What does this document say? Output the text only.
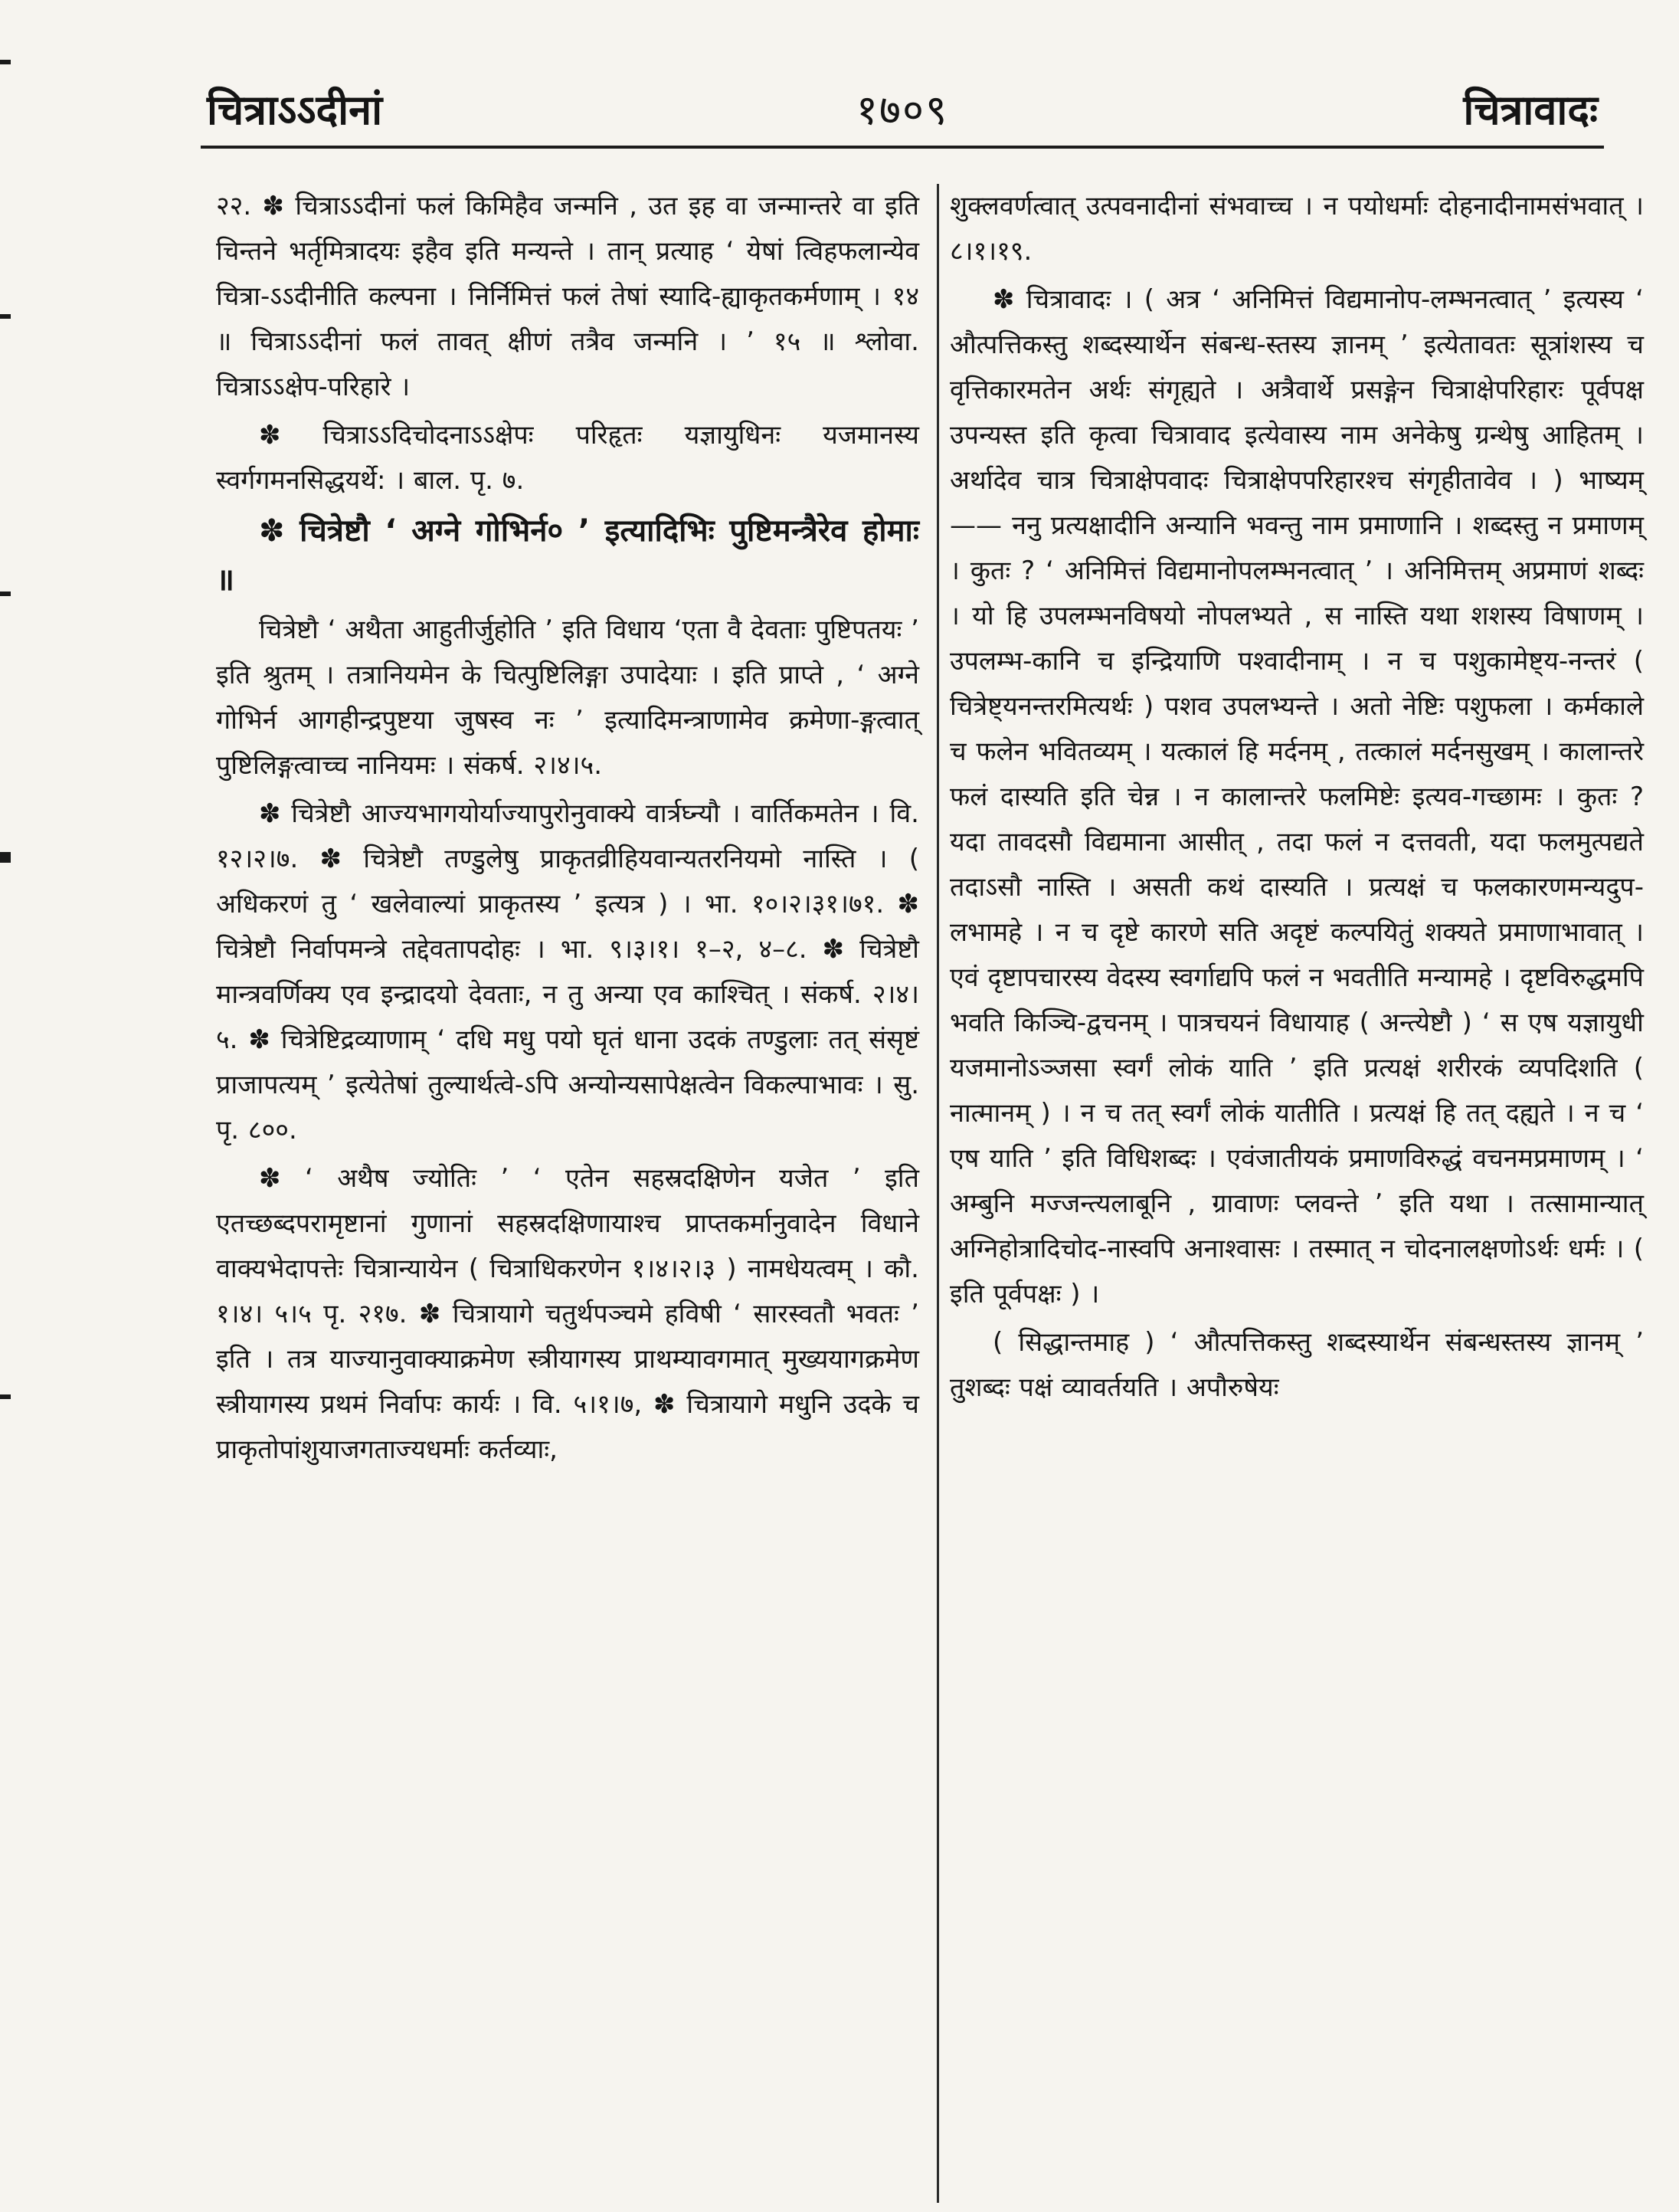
चित्राऽऽदीनां	१७०९	चित्रावादः

२२. ✽ चित्राऽऽदीनां फलं किमिहैव जन्मनि , उत इह वा जन्मान्तरे वा इति चिन्तने भर्तृमित्रादयः इहैव इति मन्यन्ते । तान् प्रत्याह ‘ येषां त्विहफलान्येव चित्रा-ऽऽदीनीति कल्पना । निर्निमित्तं फलं तेषां स्यादि-ह्याकृतकर्मणाम् । १४ ॥ चित्राऽऽदीनां फलं तावत् क्षीणं तत्रैव जन्मनि । ’ १५ ॥ श्लोवा. चित्राऽऽक्षेप-परिहारे ।

✽ चित्राऽऽदिचोदनाऽऽक्षेपः परिहृतः यज्ञायुधिनः यजमानस्य स्वर्गगमनसिद्धयर्थे: । बाल. पृ. ७.

✽ चित्रेष्टौ ‘ अग्ने गोभिर्न० ’ इत्यादिभिः पुष्टिमन्त्रैरेव होमाः ॥

चित्रेष्टौ ‘ अथैता आहुतीर्जुहोति ’ इति विधाय ‘एता वै देवताः पुष्टिपतयः ’ इति श्रुतम् । तत्रानियमेन के चित्पुष्टिलिङ्गा उपादेयाः । इति प्राप्ते , ‘ अग्ने गोभिर्न आगहीन्द्रपुष्टया जुषस्व नः ’ इत्यादिमन्त्राणामेव क्रमेणा-ङ्गत्वात् पुष्टिलिङ्गत्वाच्च नानियमः । संकर्ष. २।४।५.

✽ चित्रेष्टौ आज्यभागयोर्याज्यापुरोनुवाक्ये वार्त्रघ्न्यौ । वार्तिकमतेन । वि. १२।२।७. ✽ चित्रेष्टौ तण्डुलेषु प्राकृतव्रीहियवान्यतरनियमो नास्ति । ( अधिकरणं तु ‘ खलेवाल्यां प्राकृतस्य ’ इत्यत्र ) । भा. १०।२।३१।७१. ✽ चित्रेष्टौ निर्वापमन्त्रे तद्देवतापदोहः । भा. ९।३।१। १–२, ४–८. ✽ चित्रेष्टौ मान्त्रवर्णिक्य एव इन्द्रादयो देवताः, न तु अन्या एव काश्चित् । संकर्ष. २।४।५. ✽ चित्रेष्टिद्रव्याणाम् ‘ दधि मधु पयो घृतं धाना उदकं तण्डुलाः तत् संसृष्टं प्राजापत्यम् ’ इत्येतेषां तुल्यार्थत्वे-ऽपि अन्योन्यसापेक्षत्वेन विकल्पाभावः । सु. पृ. ८००.

✽ ‘ अथैष ज्योतिः ’ ‘ एतेन सहस्रदक्षिणेन यजेत ’ इति एतच्छब्दपरामृष्टानां गुणानां सहस्रदक्षिणायाश्च प्राप्तकर्मानुवादेन विधाने वाक्यभेदापत्तेः चित्रान्यायेन ( चित्राधिकरणेन १।४।२।३ ) नामधेयत्वम् । कौ. १।४। ५।५ पृ. २१७. ✽ चित्रायागे चतुर्थपञ्चमे हविषी ‘ सारस्वतौ भवतः ’ इति । तत्र याज्यानुवाक्याक्रमेण स्त्रीयागस्य प्राथम्यावगमात् मुख्ययागक्रमेण स्त्रीयागस्य प्रथमं निर्वापः कार्यः । वि. ५।१।७, ✽ चित्रायागे मधुनि उदके च प्राकृतोपांशुयाजगताज्यधर्माः कर्तव्याः,

शुक्लवर्णत्वात् उत्पवनादीनां संभवाच्च । न पयोधर्माः दोहनादीनामसंभवात् । ८।१।१९.

✽ चित्रावादः । ( अत्र ‘ अनिमित्तं विद्यमानोप-लम्भनत्वात् ’ इत्यस्य ‘ औत्पत्तिकस्तु शब्दस्यार्थेन संबन्ध-स्तस्य ज्ञानम् ’ इत्येतावतः सूत्रांशस्य च वृत्तिकारमतेन अर्थः संगृह्यते । अत्रैवार्थे प्रसङ्गेन चित्राक्षेपरिहारः पूर्वपक्ष उपन्यस्त इति कृत्वा चित्रावाद इत्येवास्य नाम अनेकेषु ग्रन्थेषु आहितम् । अर्थादेव चात्र चित्राक्षेपवादः चित्राक्षेपपरिहारश्च संगृहीतावेव । ) भाष्यम्—— ननु प्रत्यक्षादीनि अन्यानि भवन्तु नाम प्रमाणानि । शब्दस्तु न प्रमाणम् । कुतः ? ‘ अनिमित्तं विद्यमानोपलम्भनत्वात् ’ । अनिमित्तम् अप्रमाणं शब्दः । यो हि उपलम्भनविषयो नोपलभ्यते , स नास्ति यथा शशस्य विषाणम् । उपलम्भ-कानि च इन्द्रियाणि पश्वादीनाम् । न च पशुकामेष्ट्य-नन्तरं ( चित्रेष्ट्यनन्तरमित्यर्थः ) पशव उपलभ्यन्ते । अतो नेष्टिः पशुफला । कर्मकाले च फलेन भवितव्यम् । यत्कालं हि मर्दनम् , तत्कालं मर्दनसुखम् । कालान्तरे फलं दास्यति इति चेन्न । न कालान्तरे फलमिष्टेः इत्यव-गच्छामः । कुतः ? यदा तावदसौ विद्यमाना आसीत् , तदा फलं न दत्तवती, यदा फलमुत्पद्यते तदाऽसौ नास्ति । असती कथं दास्यति । प्रत्यक्षं च फलकारणमन्यदुप-लभामहे । न च दृष्टे कारणे सति अदृष्टं कल्पयितुं शक्यते प्रमाणाभावात् । एवं दृष्टापचारस्य वेदस्य स्वर्गाद्यपि फलं न भवतीति मन्यामहे । दृष्टविरुद्धमपि भवति किञ्चि-द्वचनम् । पात्रचयनं विधायाह ( अन्त्येष्टौ ) ‘ स एष यज्ञायुधी यजमानोऽञ्जसा स्वर्गं लोकं याति ’ इति प्रत्यक्षं शरीरकं व्यपदिशति ( नात्मानम् ) । न च तत् स्वर्गं लोकं यातीति । प्रत्यक्षं हि तत् दह्यते । न च ‘ एष याति ’ इति विधिशब्दः । एवंजातीयकं प्रमाणविरुद्धं वचनमप्रमाणम् । ‘ अम्बुनि मज्जन्त्यलाबूनि , ग्रावाणः प्लवन्ते ’ इति यथा । तत्सामान्यात् अग्निहोत्रादिचोद-नास्वपि अनाश्वासः । तस्मात् न चोदनालक्षणोऽर्थः धर्मः । ( इति पूर्वपक्षः ) ।

( सिद्धान्तमाह ) ‘ औत्पत्तिकस्तु शब्दस्यार्थेन संबन्धस्तस्य ज्ञानम् ’ तुशब्दः पक्षं व्यावर्तयति । अपौरुषेयः
